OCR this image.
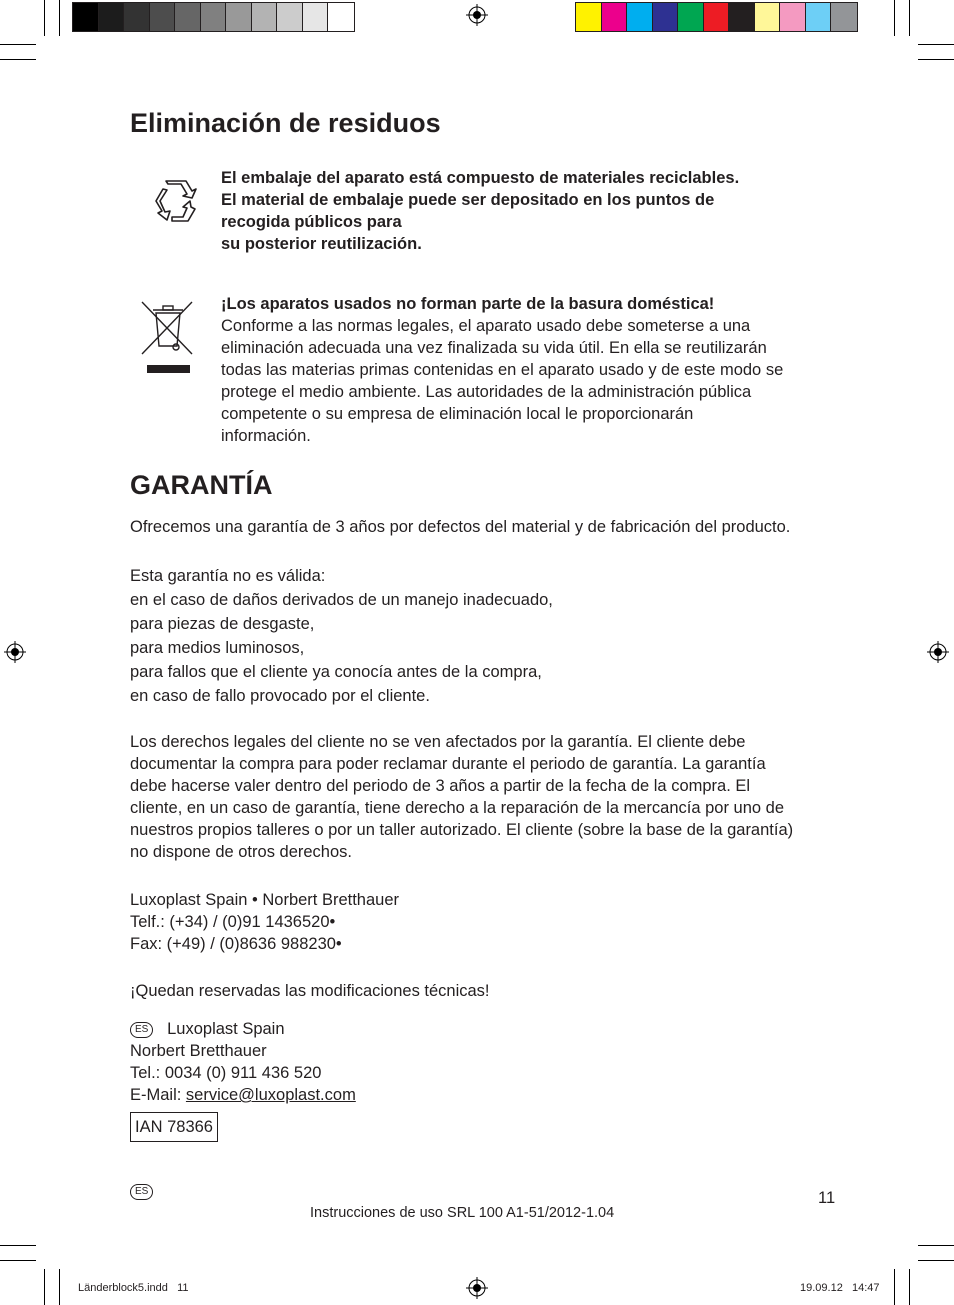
Eliminación de residuos
El embalaje del aparato está compuesto de materiales reciclables.
El material de embalaje puede ser depositado en los puntos de
recogida públicos para
su posterior reutilización.
¡Los aparatos usados no forman parte de la basura doméstica!
Conforme a las normas legales, el aparato usado debe someterse a una
eliminación adecuada una vez finalizada su vida útil. En ella se reutilizarán
todas las materias primas contenidas en el aparato usado y de este modo se
protege el medio ambiente. Las autoridades de la administración pública
competente o su empresa de eliminación local le proporcionarán
información.
GARANTÍA
Ofrecemos una garantía de 3 años por defectos del material y de fabricación del producto.
Esta garantía no es válida:
en el caso de daños derivados de un manejo inadecuado,
para piezas de desgaste,
para medios luminosos,
para fallos que el cliente ya conocía antes de la compra,
en caso de fallo provocado por el cliente.
Los derechos legales del cliente no se ven afectados por la garantía. El cliente debe
documentar la compra para poder reclamar durante el periodo de garantía. La garantía
debe hacerse valer dentro del periodo de 3 años a partir de la fecha de la compra. El
cliente, en un caso de garantía, tiene derecho a la reparación de la mercancía por uno de
nuestros propios talleres o por un taller autorizado. El cliente (sobre la base de la garantía)
no dispone de otros derechos.
Luxoplast Spain • Norbert Bretthauer
Telf.: (+34) / (0)91 1436520•
Fax: (+49) / (0)8636 988230•
¡Quedan reservadas las modificaciones técnicas!
ES Luxoplast Spain
Norbert Bretthauer
Tel.: 0034 (0) 911 436 520
E-Mail: service@luxoplast.com
IAN 78366
ES	11
Instrucciones de uso SRL 100 A1-51/2012-1.04
Länderblock5.indd   11	19.09.12   14:47
